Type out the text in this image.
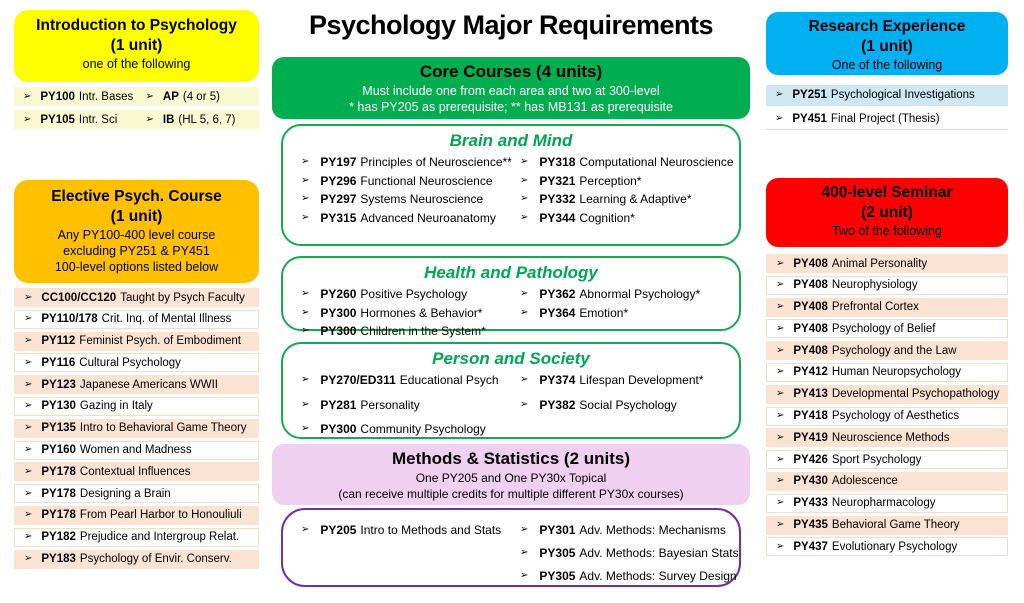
Psychology Major Requirements
Introduction to Psychology
(1 unit)
one of the following
➢ PY100 Intr. Bases ➢ AP (4 or 5)
➢ PY105 Intr. Sci	➢ IB (HL 5, 6, 7)
Elective Psych. Course
(1 unit)
Any PY100-400 level course
excluding PY251 & PY451
100-level options listed below
➢ CC100/CC120 Taught by Psych Faculty
➢ PY110/178 Crit. Inq. of Mental Illness
➢ PY112 Feminist Psych. of Embodiment
➢ PY116 Cultural Psychology
➢ PY123 Japanese Americans WWII
➢ PY130 Gazing in Italy
➢ PY135 Intro to Behavioral Game Theory
➢ PY160 Women and Madness
➢ PY178 Contextual Influences
➢ PY178 Designing a Brain
➢ PY178 From Pearl Harbor to Honouliuli
➢ PY182 Prejudice and Intergroup Relat.
➢ PY183 Psychology of Envir. Conserv.
Core Courses (4 units)
Must include one from each area and two at 300-level
* has PY205 as prerequisite; ** has MB131 as prerequisite
Brain and Mind
➢ PY197 Principles of Neuroscience**
➢ PY296 Functional Neuroscience
➢ PY297 Systems Neuroscience
➢ PY315 Advanced Neuroanatomy
➢ PY318 Computational Neuroscience
➢ PY321 Perception*
➢ PY332 Learning & Adaptive*
➢ PY344 Cognition*
Health and Pathology
➢ PY260 Positive Psychology
➢ PY300 Hormones & Behavior*
➢ PY300 Children in the System*
➢ PY362 Abnormal Psychology*
➢ PY364 Emotion*
Person and Society
➢ PY270/ED311 Educational Psych
➢ PY281 Personality
➢ PY300 Community Psychology
➢ PY374 Lifespan Development*
➢ PY382 Social Psychology
Methods & Statistics (2 units)
One PY205 and One PY30x Topical
(can receive multiple credits for multiple different PY30x courses)
➢ PY205 Intro to Methods and Stats ➢ PY301 Adv. Methods: Mechanisms
➢ PY305 Adv. Methods: Bayesian Stats
➢ PY305 Adv. Methods: Survey Design
Research Experience
(1 unit)
One of the following
➢ PY251 Psychological Investigations
➢ PY451 Final Project (Thesis)
400-level Seminar
(2 unit)
Two of the following
➢ PY408 Animal Personality
➢ PY408 Neurophysiology
➢ PY408 Prefrontal Cortex
➢ PY408 Psychology of Belief
➢ PY408 Psychology and the Law
➢ PY412 Human Neuropsychology
➢ PY413 Developmental Psychopathology
➢ PY418 Psychology of Aesthetics
➢ PY419 Neuroscience Methods
➢ PY426 Sport Psychology
➢ PY430 Adolescence
➢ PY433 Neuropharmacology
➢ PY435 Behavioral Game Theory
➢ PY437 Evolutionary Psychology
